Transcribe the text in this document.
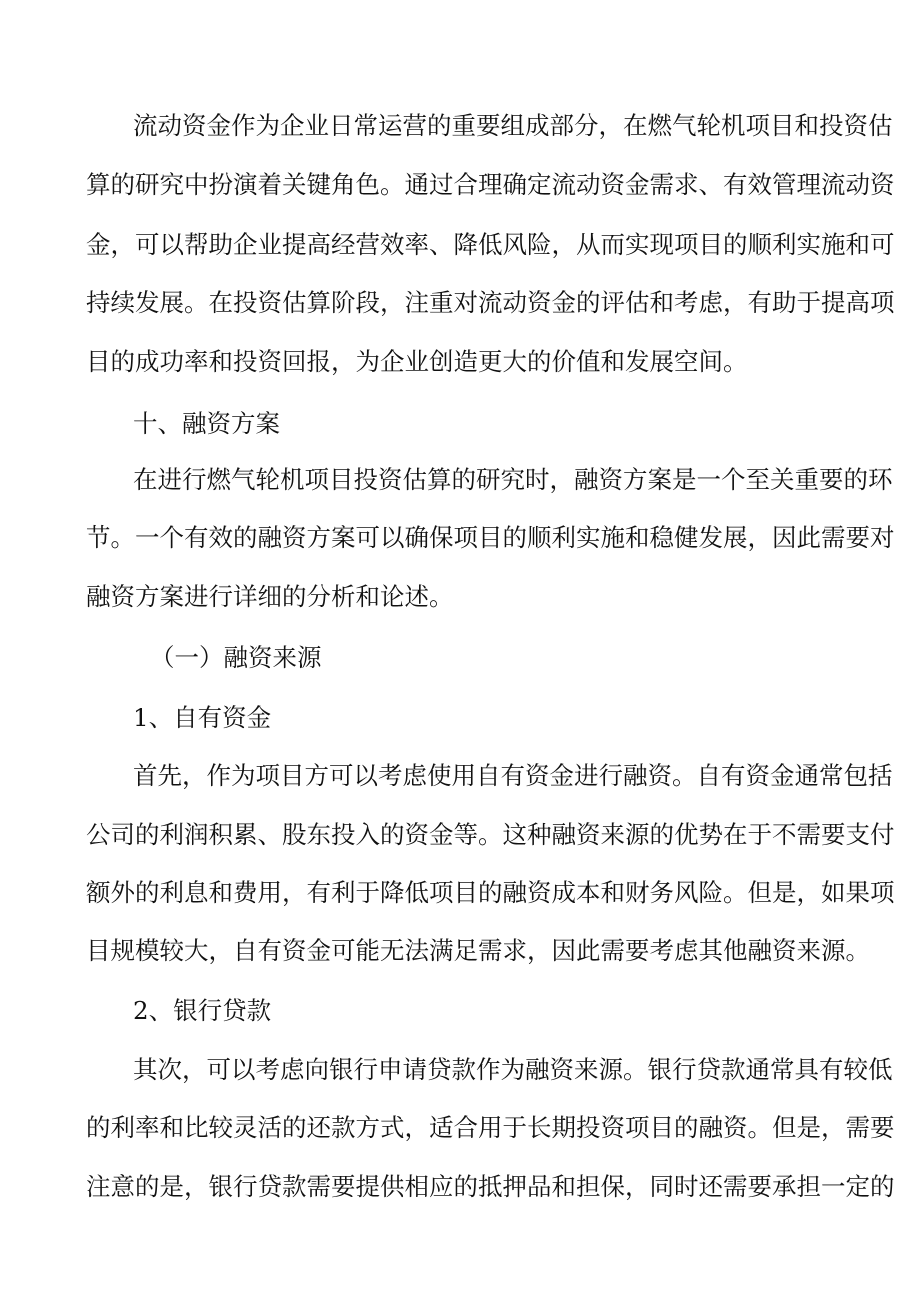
流动资金作为企业日常运营的重要组成部分，在燃气轮机项目和投资估
算的研究中扮演着关键角色。通过合理确定流动资金需求、有效管理流动资
金，可以帮助企业提高经营效率、降低风险，从而实现项目的顺利实施和可
持续发展。在投资估算阶段，注重对流动资金的评估和考虑，有助于提高项
目的成功率和投资回报，为企业创造更大的价值和发展空间。
十、融资方案
在进行燃气轮机项目投资估算的研究时，融资方案是一个至关重要的环
节。一个有效的融资方案可以确保项目的顺利实施和稳健发展，因此需要对
融资方案进行详细的分析和论述。
（一）融资来源
1、自有资金
首先，作为项目方可以考虑使用自有资金进行融资。自有资金通常包括
公司的利润积累、股东投入的资金等。这种融资来源的优势在于不需要支付
额外的利息和费用，有利于降低项目的融资成本和财务风险。但是，如果项
目规模较大，自有资金可能无法满足需求，因此需要考虑其他融资来源。
2、银行贷款
其次，可以考虑向银行申请贷款作为融资来源。银行贷款通常具有较低
的利率和比较灵活的还款方式，适合用于长期投资项目的融资。但是，需要
注意的是，银行贷款需要提供相应的抵押品和担保，同时还需要承担一定的
